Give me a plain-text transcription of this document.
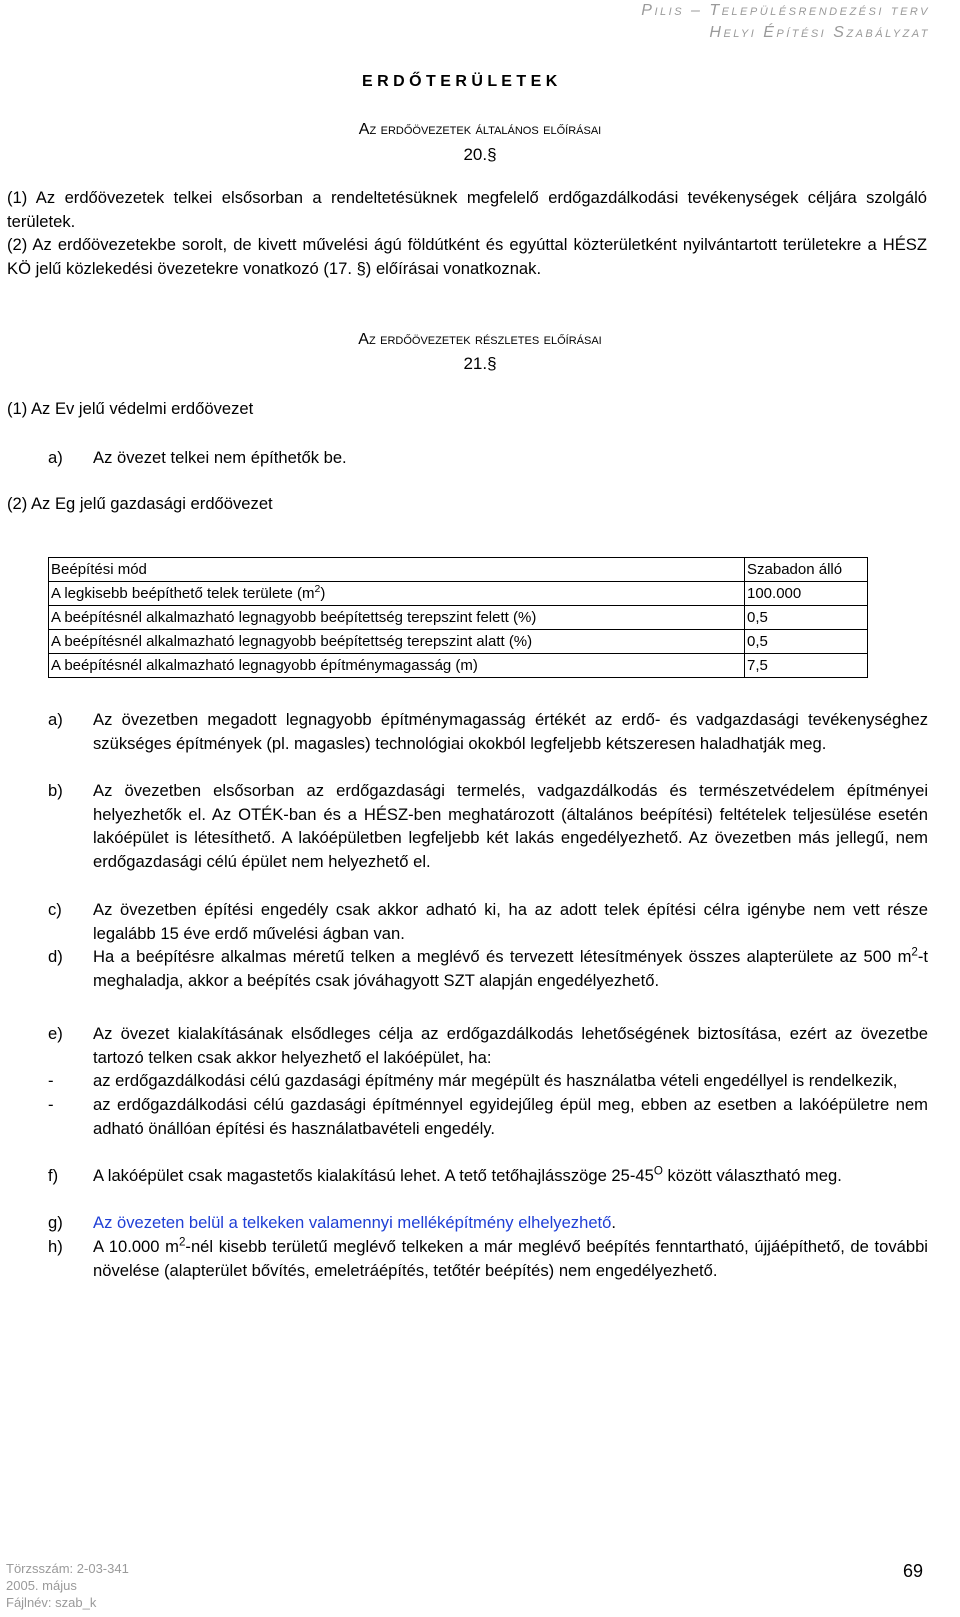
Pilis – Településrendezési terv
Helyi Építési Szabályzat
E R D Ő T E R Ü L E T E K
Az erdőövezetek általános előírásai
20.§
(1) Az erdőövezetek telkei elsősorban a rendeltetésüknek megfelelő erdőgazdálkodási tevékenységek céljára szolgáló területek.
(2) Az erdőövezetekbe sorolt, de kivett művelési ágú földútként és egyúttal közterületként nyilvántartott területekre a HÉSZ KÖ jelű közlekedési övezetekre vonatkozó (17. §) előírásai vonatkoznak.
Az erdőövezetek részletes előírásai
21.§
(1) Az Ev jelű védelmi erdőövezet
a) Az övezet telkei nem építhetők be.
(2) Az Eg jelű gazdasági erdőövezet
Beépítési mód	Szabadon álló
A legkisebb beépíthető telek területe $(m^2)$	100.000
A beépítésnél alkalmazható legnagyobb beépítettség terepszint felett (%)	0,5
A beépítésnél alkalmazható legnagyobb beépítettség terepszint alatt (%)	0,5
A beépítésnél alkalmazható legnagyobb építménymagasság (m)	7,5
a) Az övezetben megadott legnagyobb építménymagasság értékét az erdő- és vadgazdasági tevékenységhez szükséges építmények (pl. magasles) technológiai okokból legfeljebb kétszeresen haladhatják meg.
b) Az övezetben elsősorban az erdőgazdasági termelés, vadgazdálkodás és természetvédelem építményei helyezhetők el. Az OTÉK-ban és a HÉSZ-ben meghatározott (általános beépítési) feltételek teljesülése esetén lakóépület is létesíthető. A lakóépületben legfeljebb két lakás engedélyezhető. Az övezetben más jellegű, nem erdőgazdasági célú épület nem helyezhető el.
c) Az övezetben építési engedély csak akkor adható ki, ha az adott telek építési célra igénybe nem vett része legalább 15 éve erdő művelési ágban van.
d) Ha a beépítésre alkalmas méretű telken a meglévő és tervezett létesítmények összes alapterülete az 500 $m^2-t$ meghaladja, akkor a beépítés csak jóváhagyott SZT alapján engedélyezhető.
e) Az övezet kialakításának elsődleges célja az erdőgazdálkodás lehetőségének biztosítása, ezért az övezetbe tartozó telken csak akkor helyezhető el lakóépület, ha:
- az erdőgazdálkodási célú gazdasági építmény már megépült és használatba vételi engedéllyel is rendelkezik,
- az erdőgazdálkodási célú gazdasági építménnyel egyidejűleg épül meg, ebben az esetben a lakóépületre nem adható önállóan építési és használatbavételi engedély.
f) A lakóépület csak magastetős kialakítású lehet. A tető tetőhajlásszöge $25-45^O$ között választható meg.
g) Az övezeten belül a telkeken valamennyi melléképítmény elhelyezhető.
h) A 10.000 $m^2$-nél kisebb területű meglévő telkeken a már meglévő beépítés fenntartható, újjáépíthető, de további növelése (alapterület bővítés, emeletráépítés, tetőtér beépítés) nem engedélyezhető.
Törzsszám: 2-03-341
2005. május
Fájlnév: szab_k
69
